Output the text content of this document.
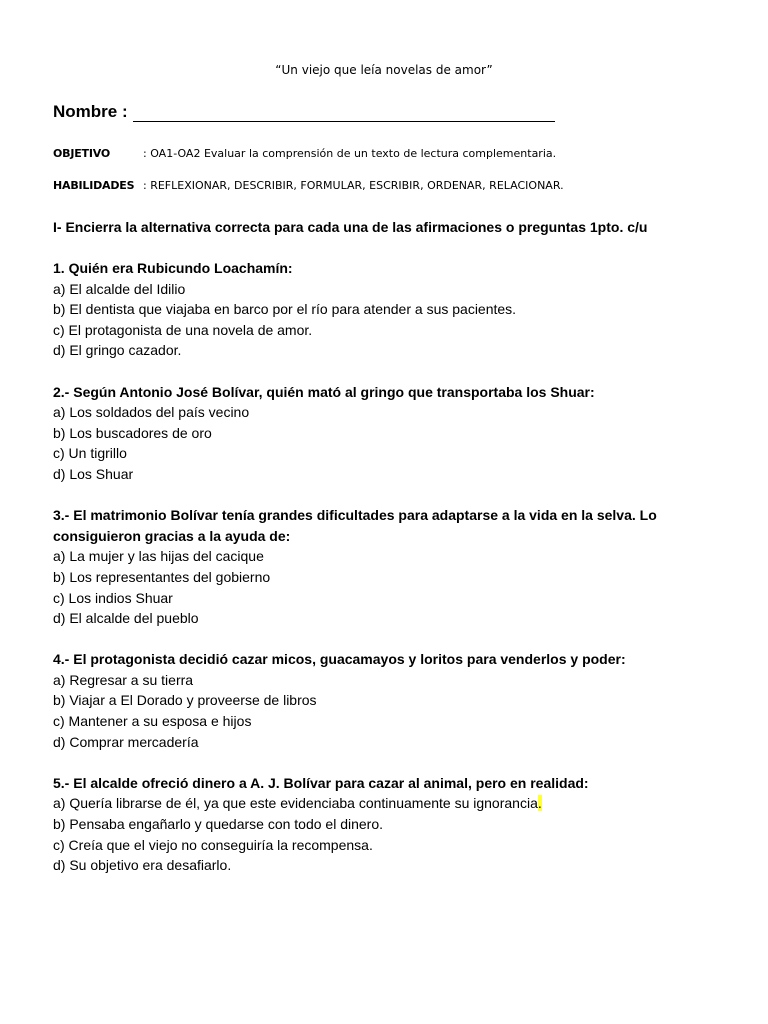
“Un viejo que leía novelas de amor”
Nombre :
OBJETIVO	: OA1-OA2 Evaluar la comprensión de un texto de lectura complementaria.
HABILIDADES : REFLEXIONAR, DESCRIBIR, FORMULAR, ESCRIBIR, ORDENAR, RELACIONAR.
I- Encierra la alternativa correcta para cada una de las afirmaciones o preguntas 1pto. c/u
1. Quién era Rubicundo Loachamín:
a) El alcalde del Idilio
b) El dentista que viajaba en barco por el río para atender a sus pacientes.
c) El protagonista de una novela de amor.
d) El gringo cazador.
2.- Según Antonio José Bolívar, quién mató al gringo que transportaba los Shuar:
a) Los soldados del país vecino
b) Los buscadores de oro
c) Un tigrillo
d) Los Shuar
3.- El matrimonio Bolívar tenía grandes dificultades para adaptarse a la vida en la selva. Lo consiguieron gracias a la ayuda de:
a) La mujer y las hijas del cacique
b) Los representantes del gobierno
c) Los indios Shuar
d) El alcalde del pueblo
4.- El protagonista decidió cazar micos, guacamayos y loritos para venderlos y poder:
a) Regresar a su tierra
b) Viajar a El Dorado y proveerse de libros
c) Mantener a su esposa e hijos
d) Comprar mercadería
5.- El alcalde ofreció dinero a A. J. Bolívar para cazar al animal, pero en realidad:
a) Quería librarse de él, ya que este evidenciaba continuamente su ignorancia.
b) Pensaba engañarlo y quedarse con todo el dinero.
c) Creía que el viejo no conseguiría la recompensa.
d) Su objetivo era desafiarlo.
